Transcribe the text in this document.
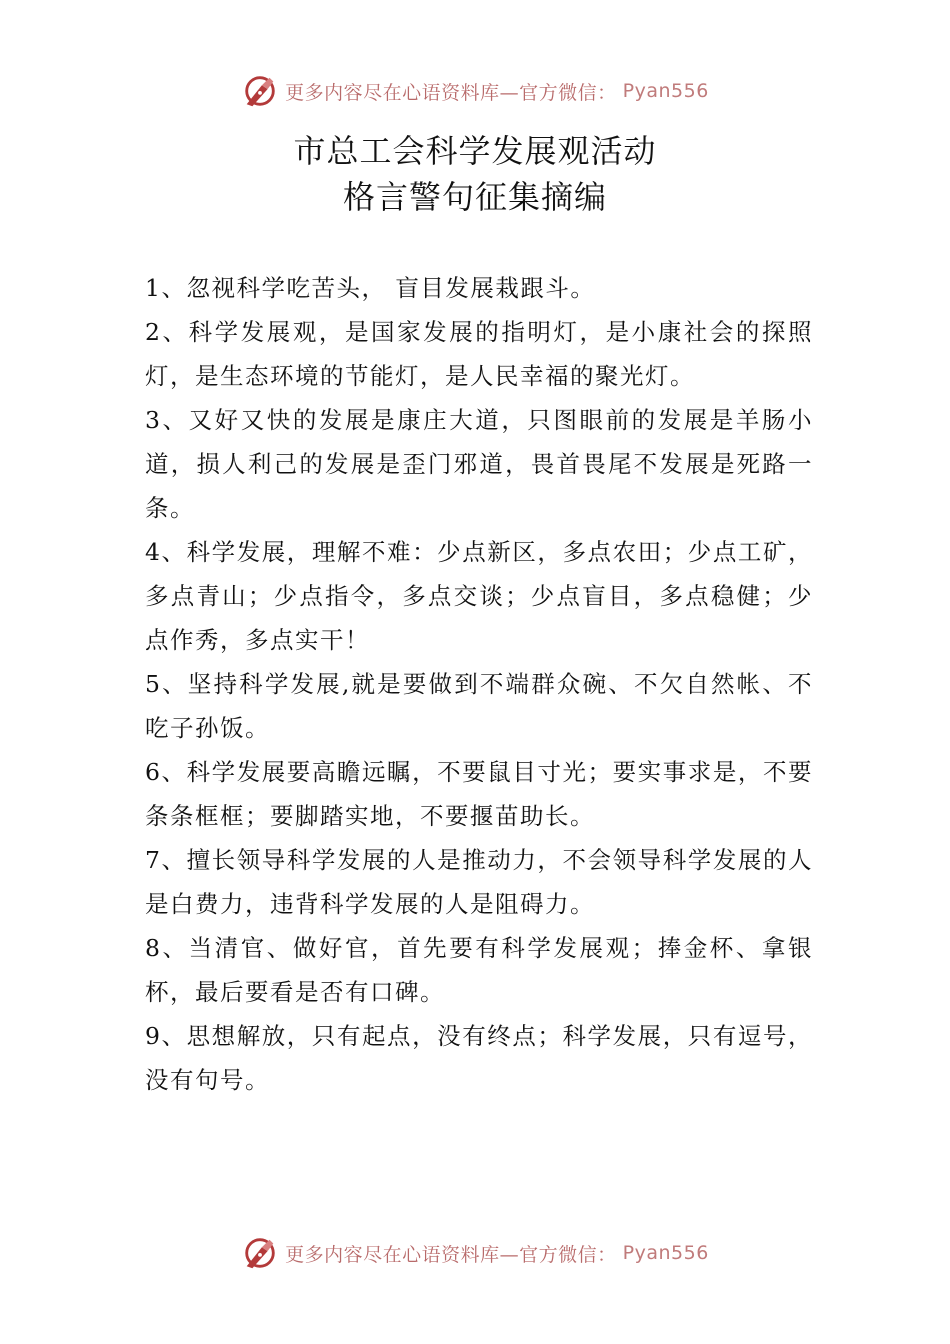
更多内容尽在心语资料库—官方微信： Pyan556
市总工会科学发展观活动
格言警句征集摘编

1、忽视科学吃苦头， 盲目发展栽跟斗。

2、科学发展观，是国家发展的指明灯，是小康社会的探照灯，是生态环境的节能灯，是人民幸福的聚光灯。

3、又好又快的发展是康庄大道，只图眼前的发展是羊肠小道，损人利己的发展是歪门邪道，畏首畏尾不发展是死路一条。

4、科学发展，理解不难：少点新区，多点农田；少点工矿，多点青山；少点指令，多点交谈；少点盲目，多点稳健；少点作秀，多点实干！

5、坚持科学发展,就是要做到不端群众碗、不欠自然帐、不吃子孙饭。

6、科学发展要高瞻远瞩，不要鼠目寸光；要实事求是，不要条条框框；要脚踏实地，不要揠苗助长。

7、擅长领导科学发展的人是推动力，不会领导科学发展的人是白费力，违背科学发展的人是阻碍力。

8、当清官、做好官，首先要有科学发展观；捧金杯、拿银杯，最后要看是否有口碑。

9、思想解放，只有起点，没有终点；科学发展，只有逗号，没有句号。

更多内容尽在心语资料库—官方微信： Pyan556
